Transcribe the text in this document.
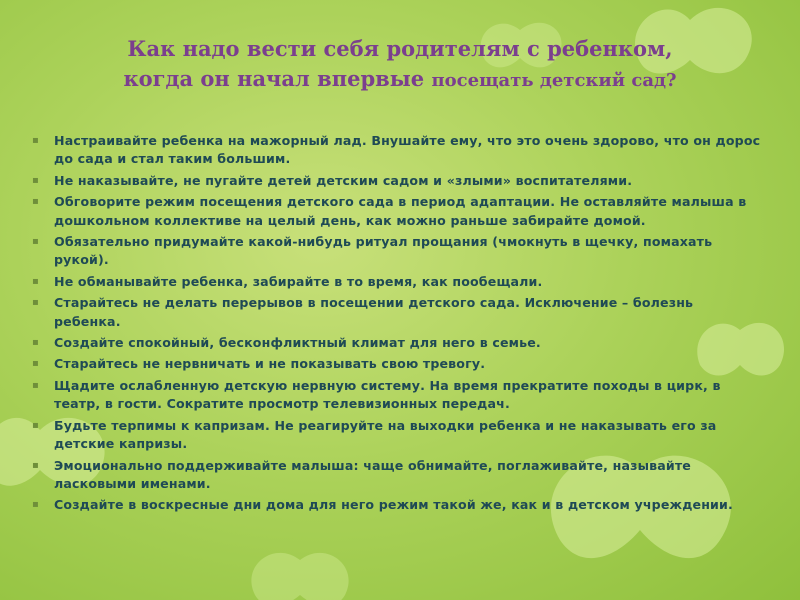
Как надо вести себя родителям с ребенком,
когда он начал впервые посещать детский сад?
▪ Настраивайте ребенка на мажорный лад. Внушайте ему, что это очень здорово, что он дорос до сада и стал таким большим.
▪ Не наказывайте, не пугайте детей детским садом и «злыми» воспитателями.
▪ Обговорите режим посещения детского сада в период адаптации. Не оставляйте малыша в дошкольном коллективе на целый день, как можно раньше забирайте домой.
▪ Обязательно придумайте какой-нибудь ритуал прощания (чмокнуть в щечку, помахать рукой).
▪ Не обманывайте ребенка, забирайте в то время, как пообещали.
▪ Старайтесь не делать перерывов в посещении детского сада. Исключение – болезнь ребенка.
▪ Создайте спокойный, бесконфликтный климат для него в семье.
▪ Старайтесь не нервничать и не показывать свою тревогу.
▪ Щадите ослабленную детскую нервную систему. На время прекратите походы в цирк, в театр, в гости. Сократите просмотр телевизионных передач.
▪ Будьте терпимы к капризам. Не реагируйте на выходки ребенка и не наказывать его за детские капризы.
▪ Эмоционально поддерживайте малыша: чаще обнимайте, поглаживайте, называйте ласковыми именами.
▪ Создайте в воскресные дни дома для него режим такой же, как и в детском учреждении.
